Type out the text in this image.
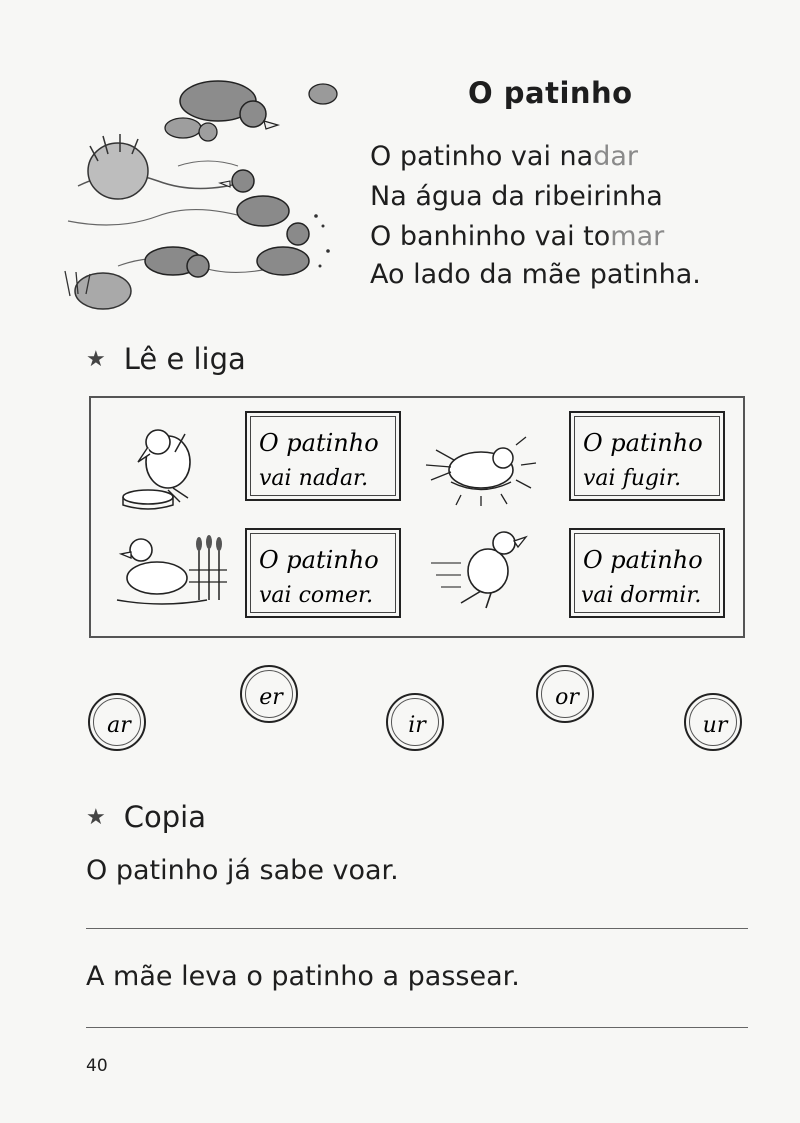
O patinho
O patinho vai nadar
Na água da ribeirinha
O banhinho vai tomar
Ao lado da mãe patinha.
★ Lê e liga
O patinho
vai nadar.
O patinho
vai fugir.
O patinho
vai comer.
O patinho
vai dormir.
ar
er
ir
or
ur
★ Copia
O patinho já sabe voar.
A mãe leva o patinho a passear.
40
